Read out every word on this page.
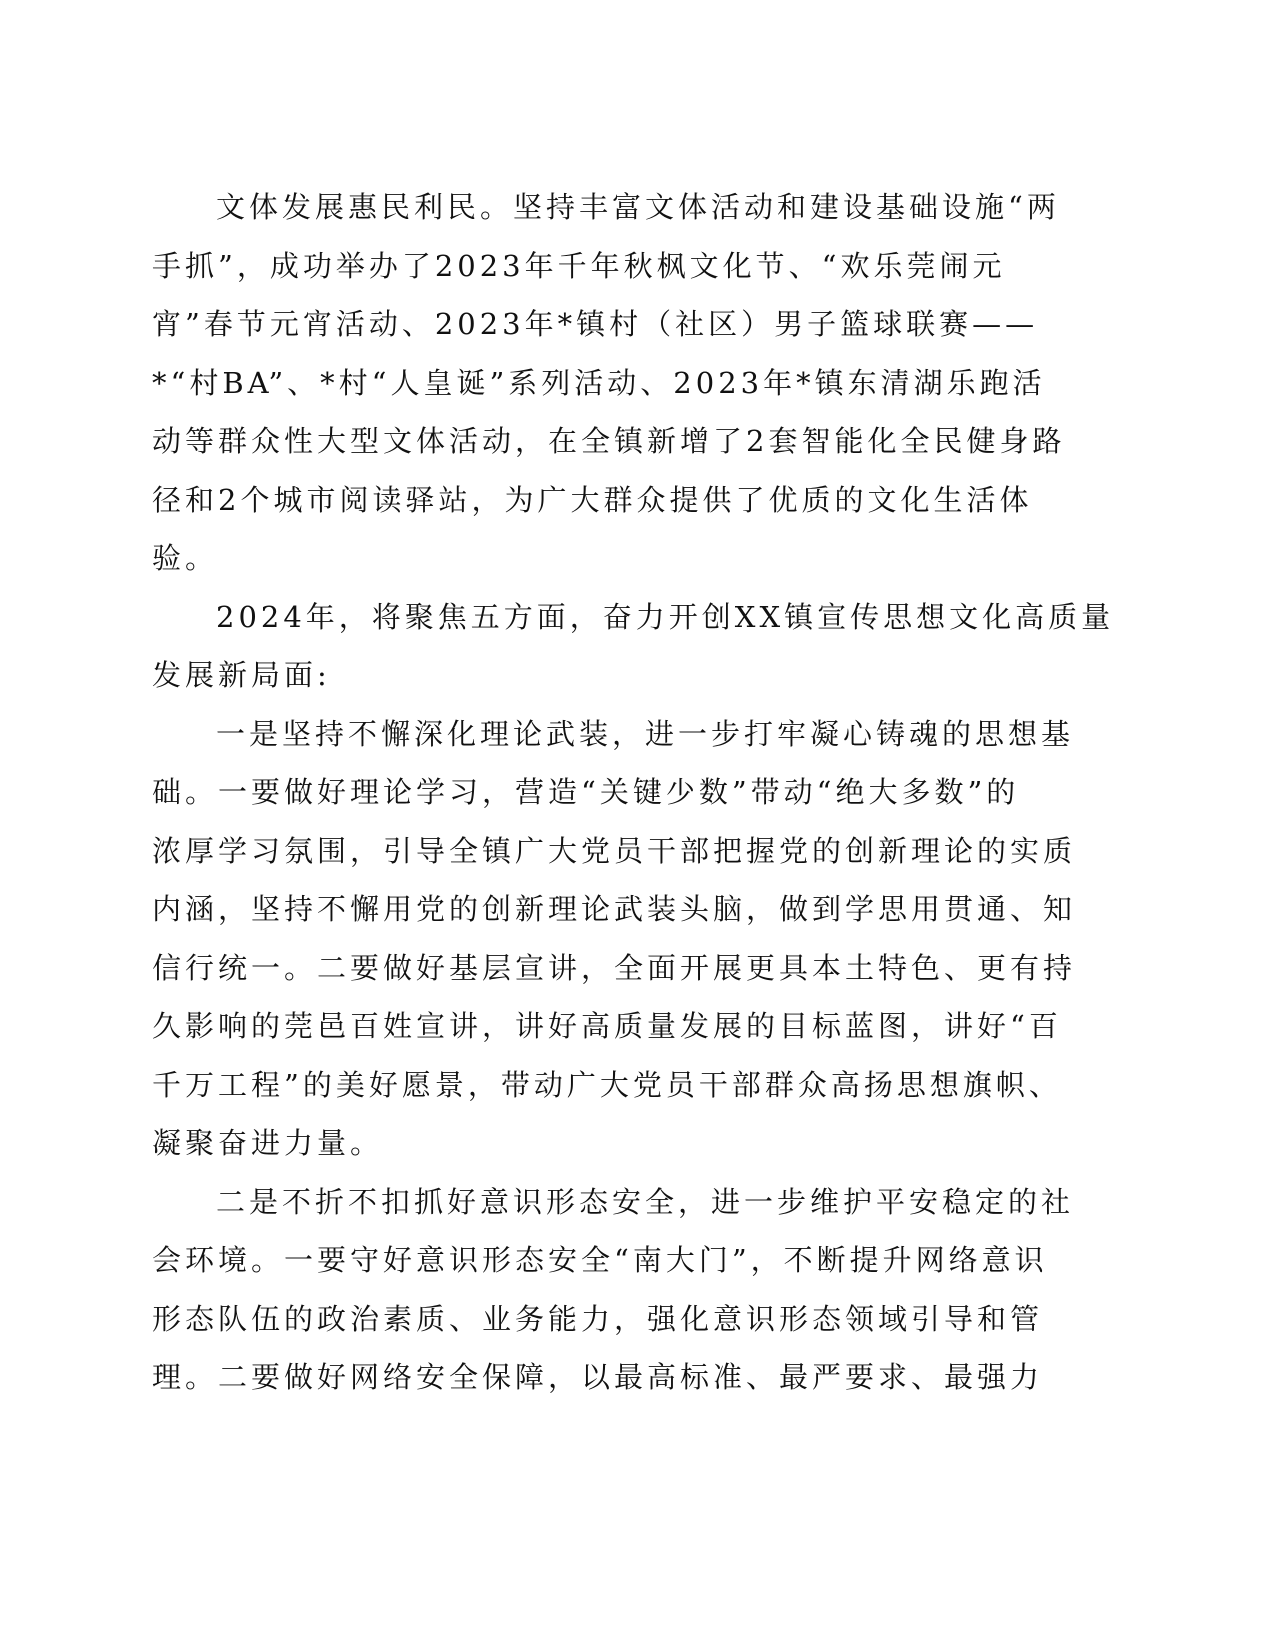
文体发展惠民利民。坚持丰富文体活动和建设基础设施“两
手抓”，成功举办了2023年千年秋枫文化节、“欢乐莞闹元
宵”春节元宵活动、2023年*镇村（社区）男子篮球联赛——
*“村BA”、*村“人皇诞”系列活动、2023年*镇东清湖乐跑活
动等群众性大型文体活动，在全镇新增了2套智能化全民健身路
径和2个城市阅读驿站，为广大群众提供了优质的文化生活体
验。
2024年，将聚焦五方面，奋力开创XX镇宣传思想文化高质量
发展新局面:
一是坚持不懈深化理论武装，进一步打牢凝心铸魂的思想基
础。一要做好理论学习，营造“关键少数”带动“绝大多数”的
浓厚学习氛围，引导全镇广大党员干部把握党的创新理论的实质
内涵，坚持不懈用党的创新理论武装头脑，做到学思用贯通、知
信行统一。二要做好基层宣讲，全面开展更具本土特色、更有持
久影响的莞邑百姓宣讲，讲好高质量发展的目标蓝图，讲好“百
千万工程”的美好愿景，带动广大党员干部群众高扬思想旗帜、
凝聚奋进力量。
二是不折不扣抓好意识形态安全，进一步维护平安稳定的社
会环境。一要守好意识形态安全“南大门”，不断提升网络意识
形态队伍的政治素质、业务能力，强化意识形态领域引导和管
理。二要做好网络安全保障，以最高标准、最严要求、最强力
